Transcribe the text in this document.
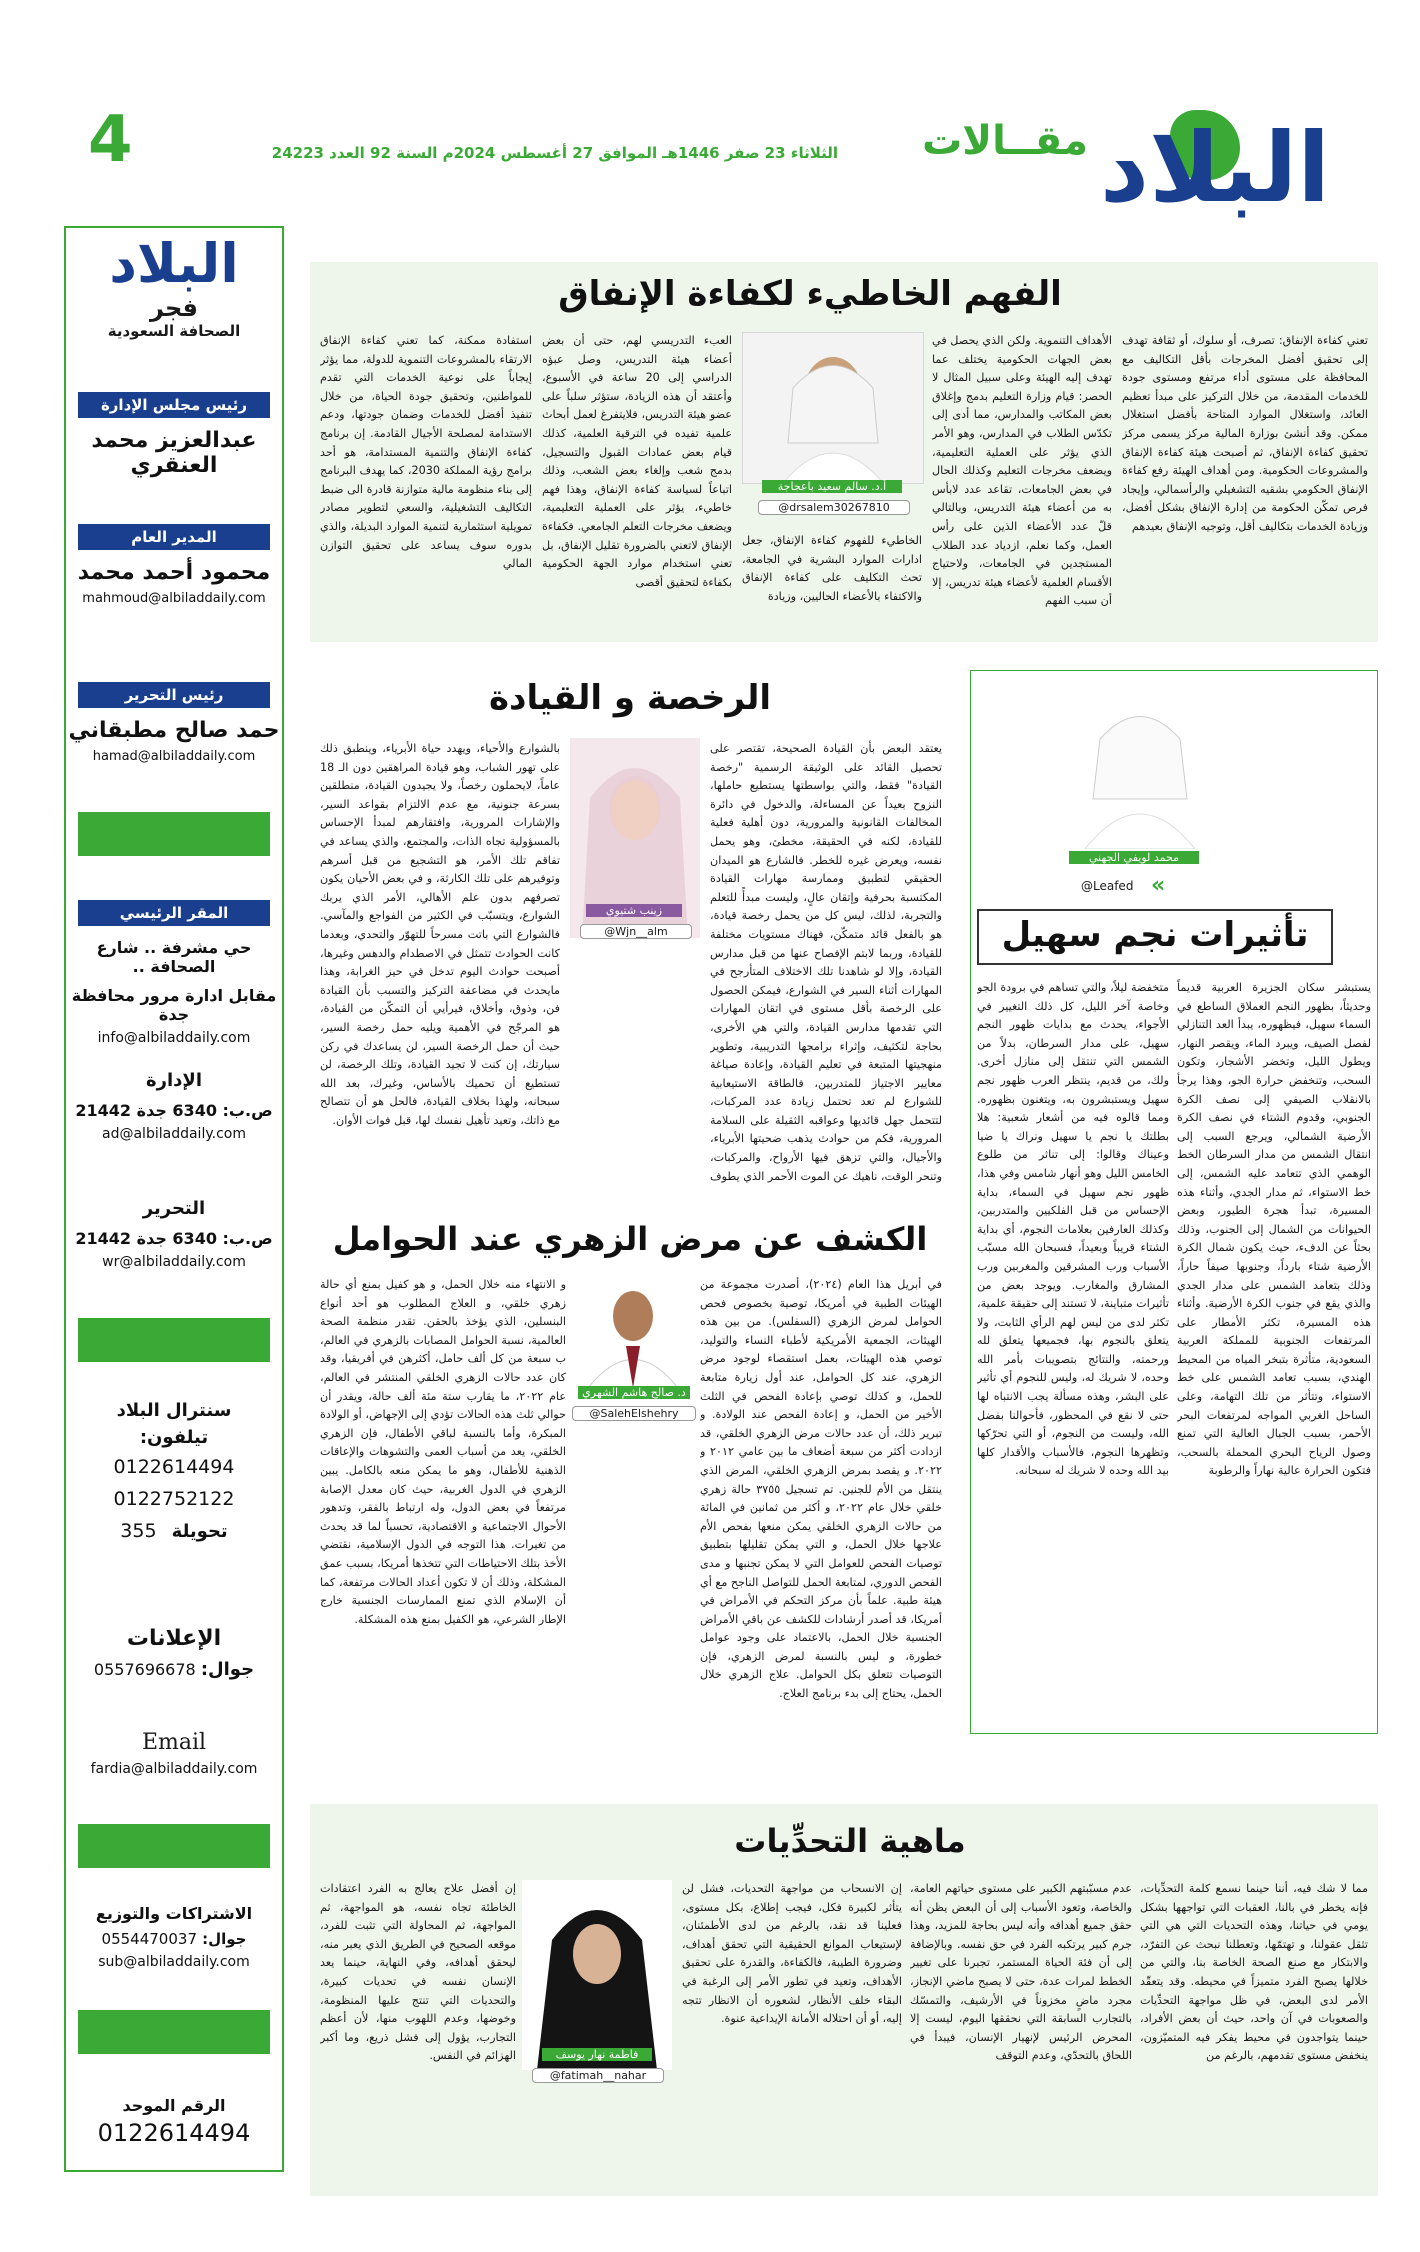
4	الثلاثاء 23 صفر 1446هـ الموافق 27 أغسطس 2024م السنة 92 العدد 24223 مقــالات البلاد
البلاد
فجر
الصحافة السعودية
رئيس مجلس الإدارة
عبدالعزيز محمد العنقري
المدير العام
محمود أحمد محمد
mahmoud@albiladdaily.com
رئيس التحرير
حمد صالح مطبقاني
hamad@albiladdaily.com
المقر الرئيسي
حي مشرفة .. شارع الصحافة ..
مقابل ادارة مرور محافظة جدة
info@albiladdaily.com
الإدارة
ص.ب: 6340 جدة 21442
ad@albiladdaily.com
التحرير
ص.ب: 6340 جدة 21442
wr@albiladdaily.com
سنترال البلاد
تيلفون:
0122614494
0122752122
تحويلة 355
الإعلانات
جوال: 0557696678
Email
fardia@albiladdaily.com
الاشتراكات والتوزيع
جوال: 0554470037
sub@albiladdaily.com
الرقم الموحد
0122614494
الفهم الخاطيء لكفاءة الإنفاق
تعني كفاءة الإنفاق: تصرف، أو سلوك، أو ثقافة تهدف إلى تحقيق أفضل المخرجات بأقل التكاليف مع المحافظة على مستوى أداء مرتفع ومستوى جودة للخدمات المقدمة، من خلال التركيز على مبدأ تعظيم العائد، واستغلال الموارد المتاحة بأفضل استغلال ممكن. وقد أنشئ بوزارة المالية مركز يسمى مركز تحقيق كفاءة الإنفاق، ثم أصبحت هيئة كفاءة الإنفاق والمشروعات الحكومية. ومن أهداف الهيئة رفع كفاءة الإنفاق الحكومي بشقيه التشغيلي والرأسمالي، وإيجاد فرص تمكّن الحكومة من إدارة الإنفاق بشكل أفضل، وزيادة الخدمات بتكاليف أقل، وتوجيه الإنفاق بعيدهم
الأهداف التنموية. ولكن الذي يحصل في بعض الجهات الحكومية يختلف عما تهدف إليه الهيئة وعلى سبيل المثال لا الحصر: قيام وزارة التعليم بدمج وإغلاق بعض المكاتب والمدارس، مما أدى إلى تكدّس الطلاب في المدارس، وهو الأمر الذي يؤثر على العملية التعليمية، ويضعف مخرجات التعليم وكذلك الحال في بعض الجامعات، تقاعد عدد لابأس به من أعضاء هيئة التدريس، وبالتالي قلّ عدد الأعضاء الذين على رأس العمل، وكما نعلم، ازدياد عدد الطلاب المستجدين في الجامعات، ولاحتياج الأقسام العلمية لأعضاء هيئة تدريس، إلا أن سبب الفهم
أ.د. سالم سعيد باعجاجة
@drsalem30267810
الخاطيء للفهوم كفاءة الإنفاق، جعل ادارات الموارد البشرية في الجامعة، تحث التكليف على كفاءة الإنفاق والاكتفاء بالأعضاء الحاليين، وزيادة
العبء التدريسي لهم، حتى أن بعض أعضاء هيئة التدريس، وصل عبؤه الدراسي إلى 20 ساعة في الأسبوع، وأعتقد أن هذه الزيادة، ستؤثر سلباً على عضو هيئة التدريس، فلايتفرغ لعمل أبحاث علمية تفيده في الترقية العلمية، كذلك قيام بعض عمادات القبول والتسجيل، بدمج شعب وإلغاء بعض الشعب، وذلك اتباعاً لسياسة كفاءة الإنفاق، وهذا فهم خاطيء، يؤثر على العملية التعليمية، ويضعف مخرجات التعلم الجامعي. فكفاءة الإنفاق لاتعني بالضرورة تقليل الإنفاق، بل تعني استخدام موارد الجهة الحكومية بكفاءة لتحقيق أقصى
استفادة ممكنة، كما تعني كفاءة الإنفاق الارتقاء بالمشروعات التنموية للدولة، مما يؤثر إيجاباً على نوعية الخدمات التي تقدم للمواطنين، وتحقيق جودة الحياة، من خلال تنفيذ أفضل للخدمات وضمان جودتها، ودعم الاستدامة لمصلحة الأجيال القادمة. إن برنامج كفاءة الإنفاق والتنمية المستدامة، هو أحد برامج رؤية المملكة 2030، كما يهدف البرنامج إلى بناء منظومة مالية متوازنة قادرة الى ضبط التكاليف التشغيلية، والسعي لتطوير مصادر تمويلية استثمارية لتنمية الموارد البديلة، والذي بدوره سوف يساعد على تحقيق التوازن المالي
محمد لويفي الجهني
«
@Leafed
تأثيرات نجم سهيل
يستبشر سكان الجزيرة العربية قديماً وحديثاً، بظهور النجم العملاق الساطع في السماء سهيل، فيظهوره، يبدأ العد التنازلي لفصل الصيف، ويبرد الماء، ويقصر النهار، ويطول الليل، وتخضر الأشجار، وتكون السحب، وتنخفض حرارة الجو، وهذا يرجأ بالانقلاب الصيفي إلى نصف الكرة الجنوبي، وقدوم الشتاء في نصف الكرة الأرضية الشمالي، ويرجع السبب إلى انتقال الشمس من مدار السرطان الخط الوهمي الذي تتعامد عليه الشمس، إلى خط الاستواء، ثم مدار الجدي، وأثناء هذه المسيرة، تبدأ هجرة الطيور، وبعض الحيوانات من الشمال إلى الجنوب، وذلك بحثاً عن الدفء، حيث يكون شمال الكرة الأرضية شتاء بارداً، وجنوبها صيفاً حاراً، وذلك بتعامد الشمس على مدار الجدي والذي يقع في جنوب الكرة الأرضية. وأثناء هذه المسيرة، تكثر الأمطار على المرتفعات الجنوبية للمملكة العربية السعودية، متأثرة بتبخر المياه من المحيط الهندي، بسبب تعامد الشمس على خط الاستواء، وتتأثر من تلك التهامة، وعلى الساحل الغربي المواجه لمرتفعات البحر الأحمر، بسبب الجبال العالية التي تمنع وصول الرياح البحري المحملة بالسحب، فتكون الحرارة عالية نهاراً والرطوبة
متخفضة ليلاً، والتي تساهم في برودة الجو وخاصة آخر الليل، كل ذلك التغيير في الأجواء، يحدث مع بدايات ظهور النجم سهيل، على مدار السرطان، بدلاً من الشمس التي تنتقل إلى منازل أخرى. ولك، من قديم، ينتظر العرب ظهور نجم سهيل ويستبشرون به، ويتغنون بظهوره. ومما قالوه فيه من أشعار شعبية: هلا بطلتك يا نجم يا سهيل ونراك يا ضيا وعيناك وقالوا: إلى تناثر من طلوع الخامس الليل وهو أنهار شامس وفي هذا، ظهور نجم سهيل في السماء، بداية الإحساس من قبل الفلكيين والمتدربين، وكذلك العارفين بعلامات النجوم، أي بداية الشتاء قريباً وبعيداً، فسبحان الله مسبّب الأسباب ورب المشرقين والمغربين ورب المشارق والمغارب. ويوجد بعض من تأثيرات متباينة، لا تستند إلى حقيقة علمية، تكثر لدى من ليس لهم الرأي الثابت، ولا يتعلق بالنجوم بها، فجميعها يتعلق لله ورحمته، والنتائج بتصويبات بأمر الله وحده، لا شريك له، وليس للنجوم أي تأثير على البشر، وهذه مسألة يجب الانتباه لها حتى لا نقع في المحظور، فأحوالنا بفضل الله، وليست من النجوم، أو التي تحرّكها وتظهرها النجوم، فالأسباب والأقدار كلها بيد الله وحده لا شريك له سبحانه.
الرخصة و القيادة
يعتقد البعض بأن القيادة الصحيحة، تقتصر على تحصيل القائد على الوثيقة الرسمية "رخصة القيادة" فقط، والتي بواسطتها يستطيع حاملها، النزوح بعيداً عن المساءلة، والدخول في دائرة المخالفات القانونية والمرورية، دون أهلية فعلية للقيادة، لكنه في الحقيقة، مخطئ، وهو يحمل نفسه، ويعرض غيره للخطر. فالشارع هو الميدان الحقيقي لتطبيق وممارسة مهارات القيادة المكتسبة بحرفية وإتقان عالٍ، وليست مبدأً للتعلم والتجربة، لذلك، ليس كل من يحمل رخصة قيادة، هو بالفعل قائد متمكّن، فهناك مستويات مختلفة للقيادة، وربما لابتم الإفصاح عنها من قبل مدارس القيادة، وإلا لو شاهدنا تلك الاختلاف المتأرجح في المهارات أثناء السير في الشوارع، فيمكن الحصول على الرخصة بأقل مستوى في اتقان المهارات التي تقدمها مدارس القيادة، والتي هي الأخرى، بحاجة لتكثيف، وإثراء برامجها التدريبية، وتطوير منهجيتها المتبعة في تعليم القيادة، وإعادة صياغة معايير الاجتياز للمتدربين، فالطاقة الاستيعابية للشوارع لم تعد تحتمل زيادة عدد المركبات، لتتحمل جهل قائديها وعواقبه الثقيلة على السلامة المرورية، فكم من حوادث يذهب ضحيتها الأبرياء، والأجيال، والتي تزهق فيها الأرواح، والمركبات، وتنحر الوقت، ناهيك عن الموت الأحمر الذي يطوف
زينب شتيوي
@Wjn__alm
بالشوارع والأحياء، ويهدد حياة الأبرياء، وينطبق ذلك على تهور الشباب، وهو قيادة المراهقين دون الـ 18 عاماً، لايحملون رخصاً، ولا يجيدون القيادة، منطلقين بسرعة جنونية، مع عدم الالتزام بقواعد السير، والإشارات المرورية، وافتقارهم لمبدأ الإحساس بالمسؤولية تجاه الذات، والمجتمع، والذي يساعد في تفاقم تلك الأمر، هو التشجيع من قبل أسرهم وتوفيرهم على تلك الكارثة، و في بعض الأحيان يكون تصرفهم بدون علم الأهالي، الأمر الذي يربك الشوارع، ويتسبّب في الكثير من الفواجع والمآسي. فالشوارع التي باتت مسرحاً للتهوّر والتحدي، وبعدما كانت الحوادث تتمثل في الاصطدام والدهس وغيرها، أصبحت حوادث اليوم تدخل في حيز الغرابة، وهذا مايحدث في مضاعفة التركيز والتسبب بأن القيادة فن، وذوق، وأخلاق، فيرأيي أن التمكّن من القيادة، هو المرجّح في الأهمية ويليه حمل رخصة السير، حيث أن حمل الرخصة السير، لن يساعدك في ركن سيارتك، إن كنت لا تجيد القيادة، وتلك الرخصة، لن تستطيع أن تحميك بالأساس، وغيرك، بعد الله سبحانه، ولهذا بخلاف القيادة، فالحل هو أن تتصالح مع ذاتك، وتعيد تأهيل نفسك لها، قبل فوات الأوان.
الكشف عن مرض الزهري عند الحوامل
في أبريل هذا العام (٢٠٢٤)، أصدرت مجموعة من الهيئات الطبية في أمريكا، توصية بخصوص فحص الحوامل لمرض الزهري (السفلس). من بين هذه الهيئات، الجمعية الأمريكية لأطباء النساء والتوليد، توصي هذه الهيئات، بعمل استقصاء لوجود مرض الزهري، عند كل الحوامل، عند أول زيارة متابعة للحمل، و كذلك توصي بإعادة الفحص في الثلث الأخير من الحمل، و إعادة الفحص عند الولادة. و تبرير ذلك، أن عدد حالات مرض الزهري الخلقي، قد ازدادت أكثر من سبعة أضعاف ما بين عامي ٢٠١٢ و ٢٠٢٢. و يقصد بمرض الزهري الخلقي، المرض الذي ينتقل من الأم للجنين. تم تسجيل ٣٧٥٥ حالة زهري خلقي خلال عام ٢٠٢٢، و أكثر من ثمانين في المائة من حالات الزهري الخلقي يمكن منعها بفحص الأم علاجها خلال الحمل، و التي يمكن تقليلها بتطبيق توصيات الفحص للعوامل التي لا يمكن تجنبها و مدى الفحص الدوري، لمتابعة الحمل للتواصل الناجح مع أي هيئة طبية. علماً بأن مركز التحكم في الأمراض في أمريكا، قد أصدر أرشادات للكشف عن باقي الأمراض الجنسية خلال الحمل، بالاعتماد على وجود عوامل خطورة، و ليس بالنسبة لمرض الزهري، فإن التوصيات تتعلق بكل الحوامل. علاج الزهري خلال الحمل، يحتاج إلى بدء برنامج العلاج.
د. صالح هاشم الشهري
@SalehElshehry
و الانتهاء منه خلال الحمل، و هو كفيل بمنع أي حالة زهري خلقي، و العلاج المطلوب هو أحد أنواع البنسلين، الذي يؤخذ بالحقن. تقدر منظمة الصحة العالمية، نسبة الحوامل المصابات بالزهري في العالم، ب سبعة من كل ألف حامل، أكثرهن في أفريقيا، وقد كان عدد حالات الزهري الخلقي المنتشر في العالم، عام ٢٠٢٢، ما يقارب ستة مئة ألف حالة، ويقدر أن حوالي ثلث هذه الحالات تؤدي إلى الإجهاض، أو الولادة المبكرة، وأما بالنسبة لباقي الأطفال، فإن الزهري الخلقي، يعد من أسباب العمى والتشوهات والإعاقات الذهنية للأطفال، وهو ما يمكن منعه بالكامل. يبين الزهري في الدول الغربية، حيث كان معدل الإصابة مرتفعاً في بعض الدول، وله ارتباط بالفقر، وتدهور الأحوال الاجتماعية و الاقتصادية، تحسباً لما قد يحدث من تغيرات. هذا التوجه في الدول الإسلامية، نقتضي الأخذ بتلك الاحتياطات التي تتخذها أمريكا، بسبب عمق المشكلة، وذلك أن لا تكون أعداد الحالات مرتفعة، كما أن الإسلام الذي تمنع الممارسات الجنسية خارج الإطار الشرعي، هو الكفيل بمنع هذه المشكلة.
ماهية التحدِّيات
مما لا شك فيه، أننا حينما نسمع كلمة التحدِّيات، فإنه يخطر في بالنا، العقبات التي تواجهها بشكل يومي في حياتنا، وهذه التحديات التي هي التي تثقل عقولنا، و تهتمّها، وتعطلنا نبحث عن التفرّد، والابتكار مع صنع الصحة الخاصة بنا، والتي من خلالها يصبح الفرد متميزاً في محيطه. وقد يتعقّد الأمر لدى البعض، في ظل مواجهة التحدِّيات والصعوبات في آن واحد، حيث أن بعض الأفراد، حينما يتواجدون في محيط يفكر فيه المتميّزون، ينخفض مستوى تقدمهم، بالرغم من
عدم مسبّبتهم الكبير على مستوى حياتهم العامة، والخاصة، وتعود الأسباب إلى أن البعض يظن أنه حقق جميع أهدافه وأنه ليس بحاجة للمزيد، وهذا جرم كبير يرتكبه الفرد في حق نفسه. وبالإضافة إلى أن فئة الحياة المستمر، تجبرنا على تغيير الخطط لمرات عدة، حتى لا يصبح ماضي الإنجاز، مجرد ماضٍ مخزوناً في الأرشيف، والتمسّك بالتجارب السابقة التي نحققها اليوم، ليست إلا المحرض الرئيس لإنهيار الإنسان، فيبدأ في اللحاق بالتحدّي، وعدم التوقف
إن الانسحاب من مواجهة التحديات، فشل لن يتأثر لكبيرة فكل، فيجب إطلاع، بكل مستوى، فعلينا قد نقد، بالرغم من لدى الأطمئنان، لإستيعاب الموانع الحقيقية التي تحقق أهداف، وضرورة الطيبة، فالكفاءة، والقدرة على تحقيق الأهداف، وتعيد في تطور الأمر إلى الرغبة في البقاء خلف الأنظار، لشعوره أن الانظار تتجه إليه، أو أن احتلاله الأمانة الإيداعية عنوة.
فاطمة نهار يوسف
@fatimah__nahar
إن أفضل علاج يعالج به الفرد اعتقادات الخاطئة تجاه نفسه، هو المواجهة، ثم المواجهة، ثم المحاولة التي تثبت للفرد، موقعه الصحيح في الطريق الذي يعبر منه، ليحقق أهدافه، وفي النهاية، حينما يعد الإنسان نفسه في تحديات كبيرة، والتحديات التي تنتج عليها المنظومة، وخوضها، وعدم اللهوب منها، لأن أعظم التجارب، يؤول إلى فشل ذريع، وما أكبر الهزائم في النفس.
